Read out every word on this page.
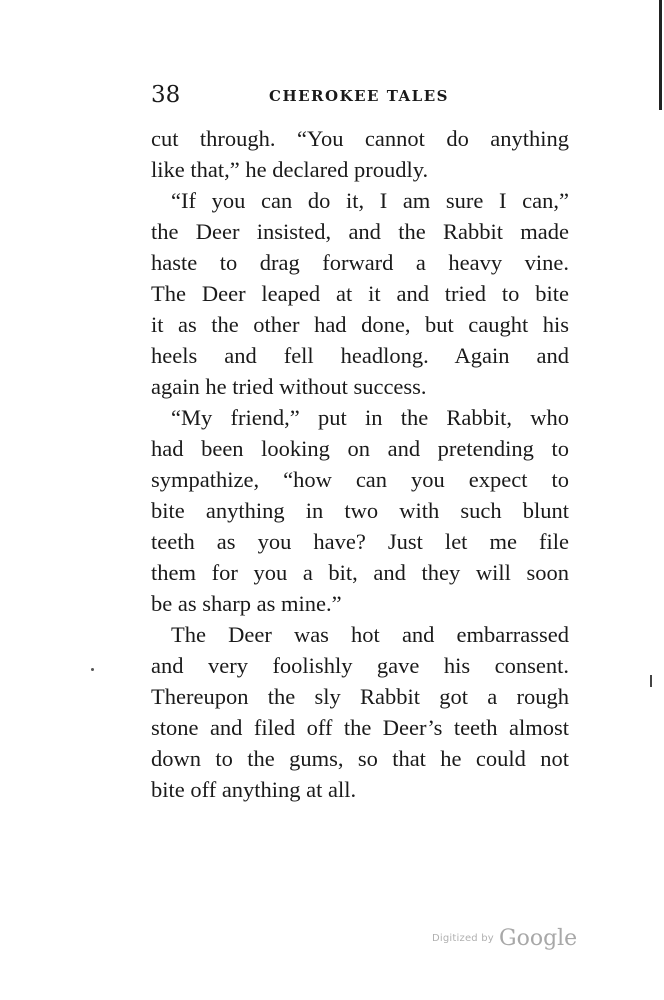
38	CHEROKEE TALES
cut through. “You cannot do anything
like that,” he declared proudly.
“If you can do it, I am sure I can,”
the Deer insisted, and the Rabbit made
haste to drag forward a heavy vine.
The Deer leaped at it and tried to bite
it as the other had done, but caught his
heels and fell headlong. Again and
again he tried without success.
“My friend,” put in the Rabbit, who
had been looking on and pretending to
sympathize, “how can you expect to
bite anything in two with such blunt
teeth as you have? Just let me file
them for you a bit, and they will soon
be as sharp as mine.”
The Deer was hot and embarrassed
and very foolishly gave his consent.
Thereupon the sly Rabbit got a rough
stone and filed off the Deer’s teeth almost
down to the gums, so that he could not
bite off anything at all.
Digitized by Google
